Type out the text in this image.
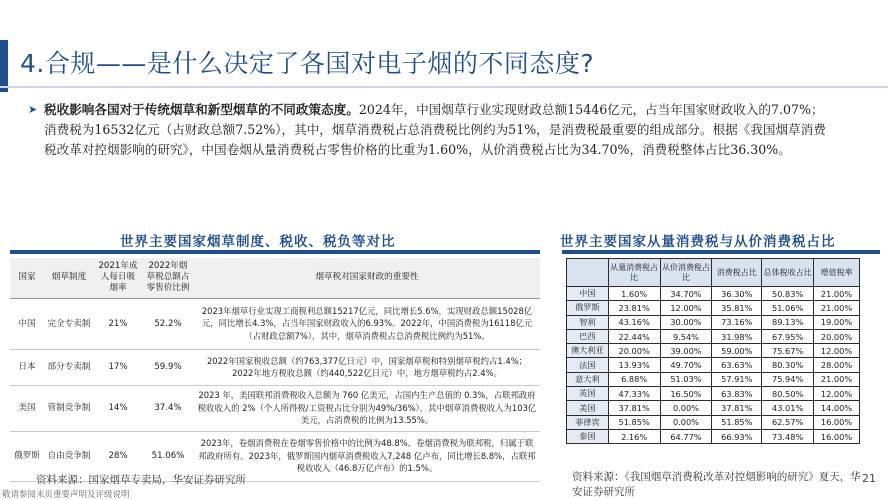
4.合规——是什么决定了各国对电子烟的不同态度?
➤ 税收影响各国对于传统烟草和新型烟草的不同政策态度。2024年，中国烟草行业实现财政总额15446亿元，占当年国家财政收入的7.07%；消费税为16532亿元（占财政总额7.52%），其中，烟草消费税占总消费税比例约为51%，是消费税最重要的组成部分。根据《我国烟草消费税改革对控烟影响的研究》，中国卷烟从量消费税占零售价格的比重为1.60%，从价消费税占比为34.70%，消费税整体占比36.30%。
世界主要国家烟草制度、税收、税负等对比	世界主要国家从量消费税与从价消费税占比
国家	烟草制度	2021年成人每日吸烟率	2022年烟草税总额占零售价比例	烟草税对国家财政的重要性
中国	完全专卖制	21%	52.2%	2023年烟草行业实现工商税利总额15217亿元，同比增长5.6%，实现财政总额15028亿元，同比增长4.3%，占当年国家财政收入的6.93%。2022年，中国消费税为16118亿元（占财政总额7%），其中，烟草消费税占总消费税比例约为51%。
日本	部分专卖制	17%	59.9%	2022年国家税收总额（约763,377亿日元）中，国家烟草税和特别烟草税约占1.4%；2022年地方税收总额（约440,522亿日元）中，地方烟草税约占2.4%。
美国	管制竞争制	14%	37.4%	2023 年，美国联邦消费税收入总额为 760 亿美元，占国内生产总值的 0.3%，占联邦政府税收收入的 2%（个人所得税/工资税占比分别为49%/36%），其中烟草消费税收入为103亿美元，占消费税的比例为13.55%。
俄罗斯	自由竞争制	28%	51.06%	2023年，卷烟消费税在卷烟零售价格中的比例为48.8%。卷烟消费税为联邦税，归属于联邦政府所有。2023年，俄罗斯国内烟草消费税收入7,248 亿卢布，同比增长8.8%，占联邦税收收入（46.8万亿卢布）的1.5%。
	从量消费税占比	从价消费税占比	消费税占比	总体税收占比	增值税率
中国	1.60%	34.70%	36.30%	50.83%	21.00%
俄罗斯	23.81%	12.00%	35.81%	51.06%	21.00%
智利	43.16%	30.00%	73.16%	89.13%	19.00%
巴西	22.44%	9.54%	31.98%	67.95%	20.00%
澳大利亚	20.00%	39.00%	59.00%	75.67%	12.00%
法国	13.93%	49.70%	63.63%	80.30%	28.00%
意大利	6.88%	51.03%	57.91%	75.94%	21.00%
英国	47.33%	16.50%	63.83%	80.50%	12.00%
美国	37.81%	0.00%	37.81%	43.01%	14.00%
菲律宾	51.85%	0.00%	51.85%	62.57%	16.00%
泰国	2.16%	64.77%	66.93%	73.48%	16.00%
资料来源：国家烟草专卖局，华安证券研究所	资料来源：《我国烟草消费税改革对控烟影响的研究》夏天，华安证券研究所
21
敬请参阅末页重要声明及评级说明
